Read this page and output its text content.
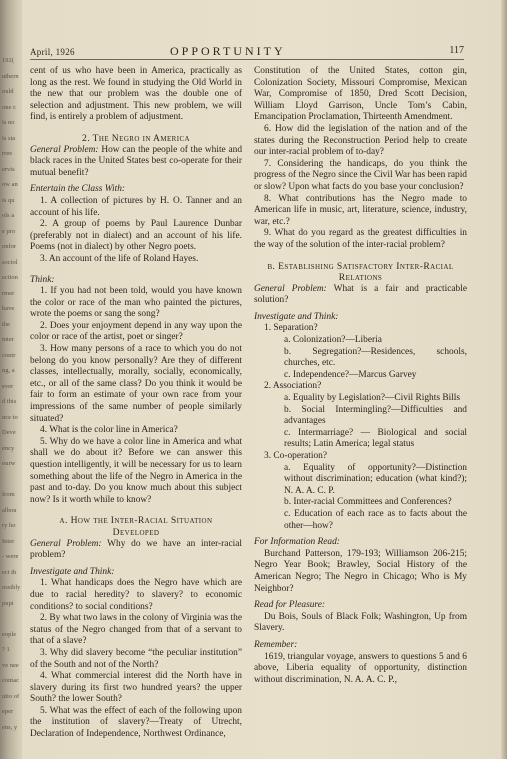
192(
uthern
ould
one c
is no
is sta
rree
ervis
ow an
is qu
ols a
e pro
onfor
sociol
ection
rmer
have
the
inter
contr
ng, a
ever
d this
nce to
Deve
ency
ourw
from
albou
ry ho
Inter
- were
ect th
ossibly
pupi
eople
? 1
ve nee
contac
utio of
eper
ens, y
April, 1926	OPPORTUNITY	117

cent of us who have been in America, practically as long as the rest. We found in studying the Old World in the new that our problem was the double one of selection and adjustment. This new problem, we will find, is entirely a problem of adjustment.

2. The Negro in America

General Problem: How can the people of the white and black races in the United States best co-operate for their mutual benefit?

Entertain the Class With:

1. A collection of pictures by H. O. Tanner and an account of his life.

2. A group of poems by Paul Laurence Dunbar (preferably not in dialect) and an account of his life. Poems (not in dialect) by other Negro poets.

3. An account of the life of Roland Hayes.

Think:

1. If you had not been told, would you have known the color or race of the man who painted the pictures, wrote the poems or sang the song?

2. Does your enjoyment depend in any way upon the color or race of the artist, poet or singer?

3. How many persons of a race to which you do not belong do you know personally? Are they of different classes, intellectually, morally, socially, economically, etc., or all of the same class? Do you think it would be fair to form an estimate of your own race from your impressions of the same number of people similarly situated?

4. What is the color line in America?

5. Why do we have a color line in America and what shall we do about it? Before we can answer this question intelligently, it will be necessary for us to learn something about the life of the Negro in America in the past and to-day. Do you know much about this subject now? Is it worth while to know?

a. How the Inter-Racial Situation
Developed

General Problem: Why do we have an inter-racial problem?

Investigate and Think:

1. What handicaps does the Negro have which are due to racial heredity? to slavery? to economic conditions? to social conditions?

2. By what two laws in the colony of Virginia was the status of the Negro changed from that of a servant to that of a slave?

3. Why did slavery become “the peculiar institution” of the South and not of the North?

4. What commercial interest did the North have in slavery during its first two hundred years? the upper South? the lower South?

5. What was the effect of each of the following upon the institution of slavery?—Treaty of Utrecht, Declaration of Independence, Northwest Ordinance,

Constitution of the United States, cotton gin, Colonization Society, Missouri Compromise, Mexican War, Compromise of 1850, Dred Scott Decision, William Lloyd Garrison, Uncle Tom’s Cabin, Emancipation Proclamation, Thirteenth Amendment.

6. How did the legislation of the nation and of the states during the Reconstruction Period help to create our inter-racial problem of to-day?

7. Considering the handicaps, do you think the progress of the Negro since the Civil War has been rapid or slow? Upon what facts do you base your conclusion?

8. What contributions has the Negro made to American life in music, art, literature, science, industry, war, etc.?

9. What do you regard as the greatest difficulties in the way of the solution of the inter-racial problem?

b. Establishing Satisfactory Inter-Racial
Relations

General Problem: What is a fair and practicable solution?

Investigate and Think:

1. Separation?

a. Colonization?—Liberia

b. Segregation?—Residences, schools, churches, etc.

c. Independence?—Marcus Garvey

2. Association?

a. Equality by Legislation?—Civil Rights Bills

b. Social Intermingling?—Difficulties and advantages

c. Intermarriage? — Biological and social results; Latin America; legal status

3. Co-operation?

a. Equality of opportunity?—Distinction without discrimination; education (what kind?); N. A. A. C. P.

b. Inter-racial Committees and Conferences?

c. Education of each race as to facts about the other—how?

For Information Read:

Burchand Patterson, 179-193; Williamson 206-215; Negro Year Book; Brawley, Social History of the American Negro; The Negro in Chicago; Who is My Neighbor?

Read for Pleasure:

Du Bois, Souls of Black Folk; Washington, Up from Slavery.

Remember:

1619, triangular voyage, answers to questions 5 and 6 above, Liberia equality of opportunity, distinction without discrimination, N. A. A. C. P.,
